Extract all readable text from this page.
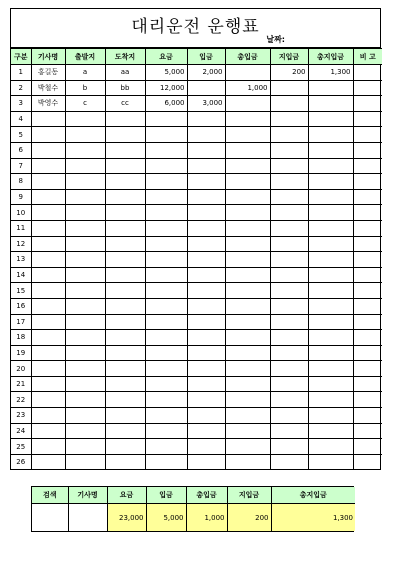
대리운전 운행표
날짜:
구분	기사명	출발지	도착지	요금	입금	총입금	지입금	총지입금	비 고
1	홍길동	a	aa	5,000	2,000		200	1,300	
2	박철수	b	bb	12,000		1,000			
3	박영수	c	cc	6,000	3,000				
4									
5									
6									
7									
8									
9									
10									
11									
12									
13									
14									
15									
16									
17									
18									
19									
20									
21									
22									
23									
24									
25									
26									
검색	기사명	요금	입금	총입금	지입금	총지입금
		23,000	5,000	1,000	200	1,300
